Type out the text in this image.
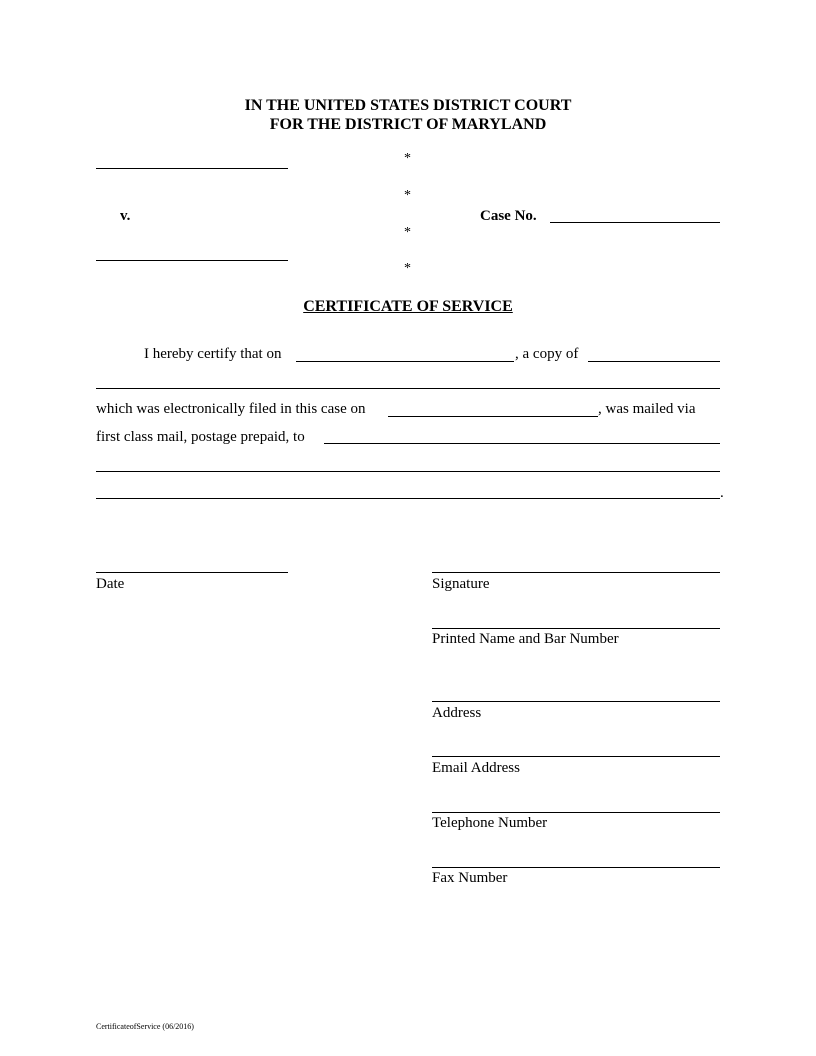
IN THE UNITED STATES DISTRICT COURT
FOR THE DISTRICT OF MARYLAND
v.
*
*
*
*
Case No.
CERTIFICATE OF SERVICE
I hereby certify that on	, a copy of
which was electronically filed in this case on	, was mailed via
first class mail, postage prepaid, to
.
Date	Signature
Printed Name and Bar Number
Address
Email Address
Telephone Number
Fax Number
CertificateofService (06/2016)
